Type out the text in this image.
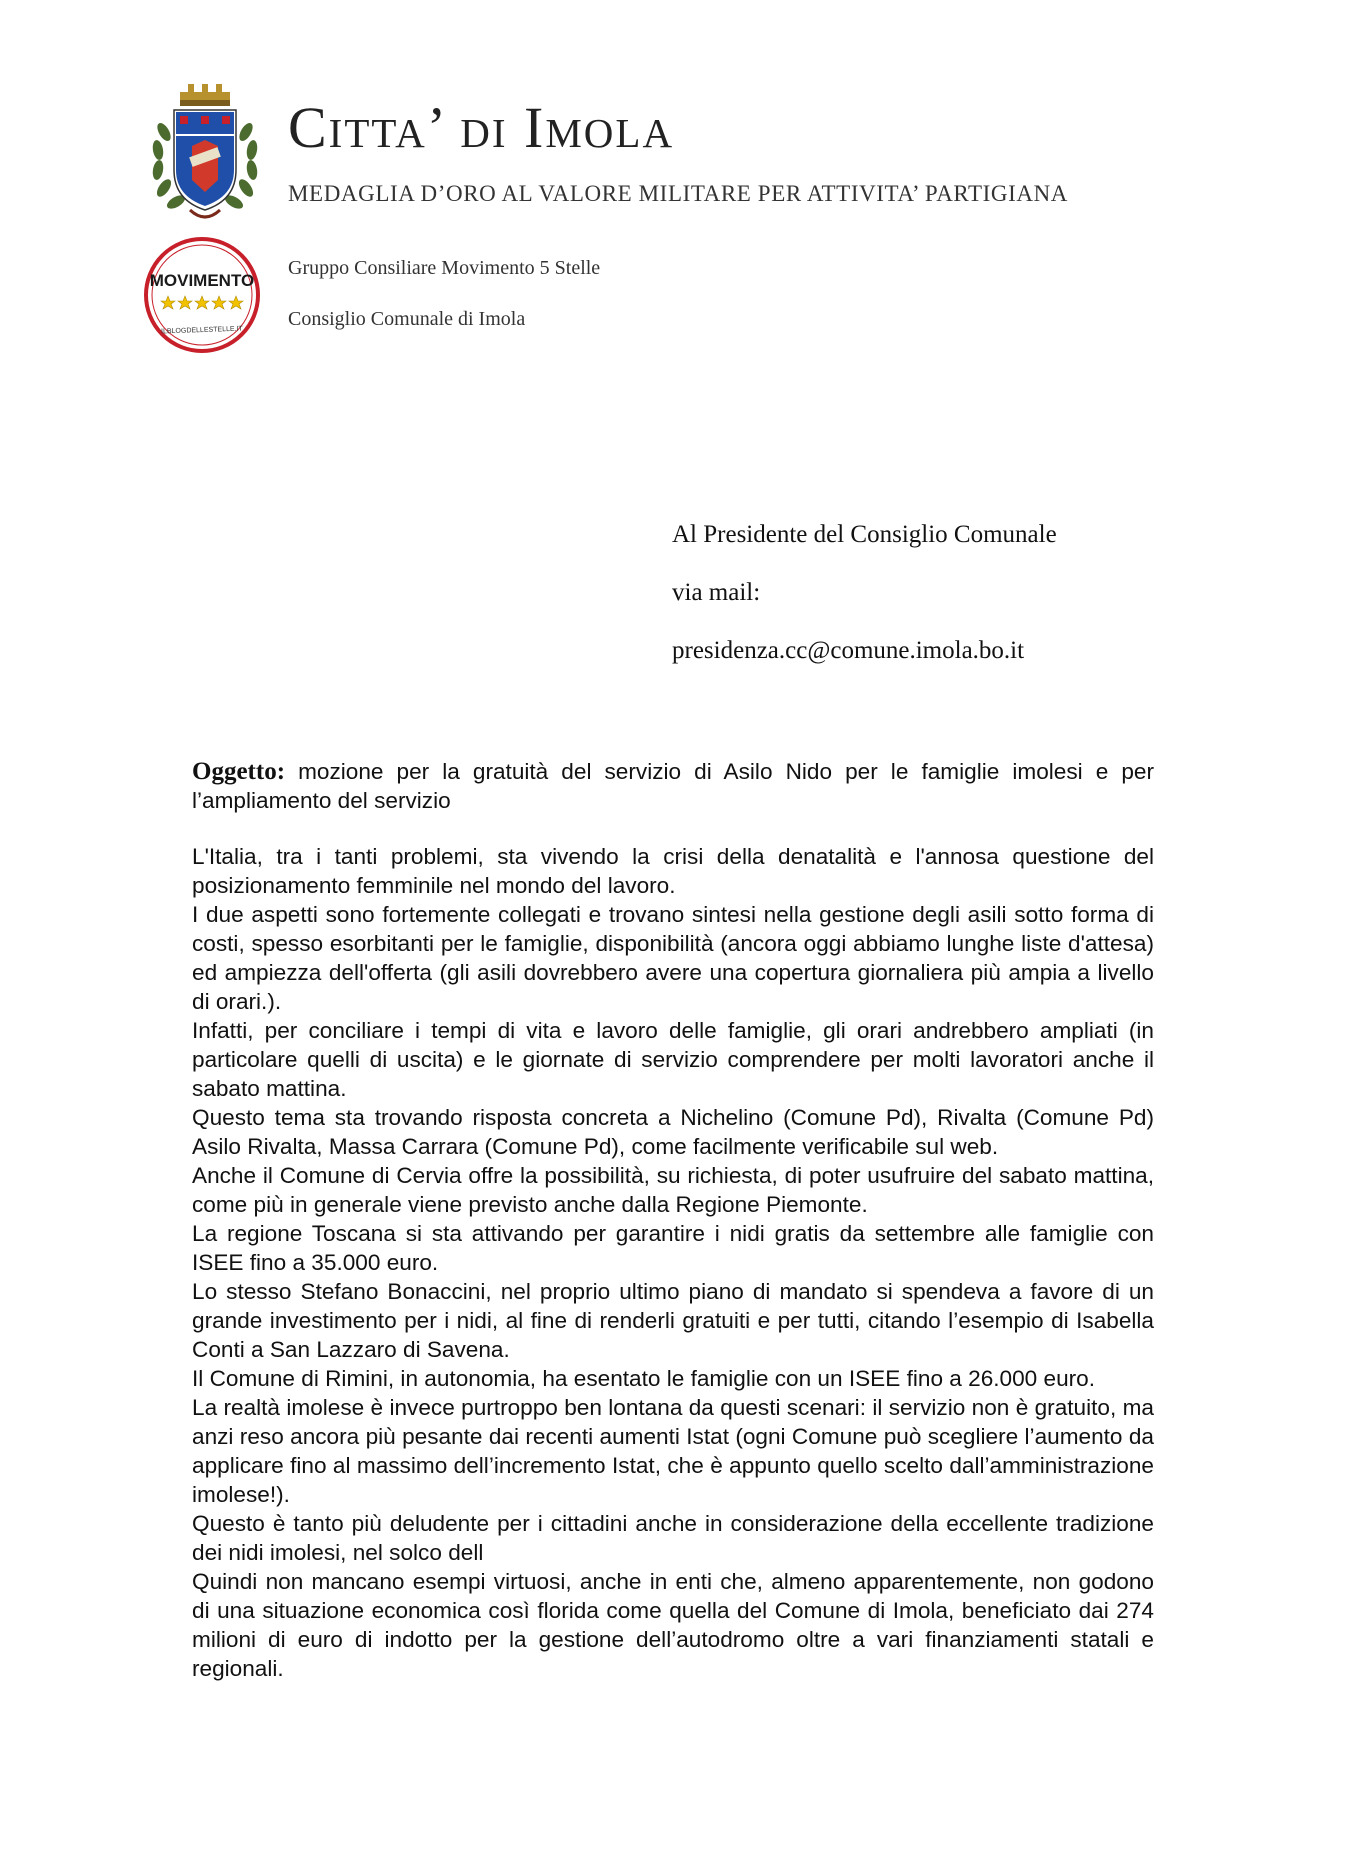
MOVIMENTO
ILBLOGDELLESTELLE.IT
Citta’ di Imola
MEDAGLIA D’ORO AL VALORE MILITARE PER ATTIVITA’ PARTIGIANA
Gruppo Consiliare Movimento 5 Stelle
Consiglio Comunale di Imola
Al Presidente del Consiglio Comunale
via mail:
presidenza.cc@comune.imola.bo.it
Oggetto: mozione per la gratuità del servizio di Asilo Nido per le famiglie imolesi e per l’ampliamento del servizio

L'Italia, tra i tanti problemi, sta vivendo la crisi della denatalità e l'annosa questione del posizionamento femminile nel mondo del lavoro.

I due aspetti sono fortemente collegati e trovano sintesi nella gestione degli asili sotto forma di costi, spesso esorbitanti per le famiglie, disponibilità (ancora oggi abbiamo lunghe liste d'attesa) ed ampiezza dell'offerta (gli asili dovrebbero avere una copertura giornaliera più ampia a livello di orari.).

Infatti, per conciliare i tempi di vita e lavoro delle famiglie, gli orari andrebbero ampliati (in particolare quelli di uscita) e le giornate di servizio comprendere per molti lavoratori anche il sabato mattina.

Questo tema sta trovando risposta concreta a Nichelino (Comune Pd), Rivalta (Comune Pd) Asilo Rivalta, Massa Carrara (Comune Pd), come facilmente verificabile sul web.

Anche il Comune di Cervia offre la possibilità, su richiesta, di poter usufruire del sabato mattina, come più in generale viene previsto anche dalla Regione Piemonte.

La regione Toscana si sta attivando per garantire i nidi gratis da settembre alle famiglie con ISEE fino a 35.000 euro.

Lo stesso Stefano Bonaccini, nel proprio ultimo piano di mandato si spendeva a favore di un grande investimento per i nidi, al fine di renderli gratuiti e per tutti, citando l’esempio di Isabella Conti a San Lazzaro di Savena.

Il Comune di Rimini, in autonomia, ha esentato le famiglie con un ISEE fino a 26.000 euro.

La realtà imolese è invece purtroppo ben lontana da questi scenari: il servizio non è gratuito, ma anzi reso ancora più pesante dai recenti aumenti Istat (ogni Comune può scegliere l’aumento da applicare fino al massimo dell’incremento Istat, che è appunto quello scelto dall’amministrazione imolese!).

Questo è tanto più deludente per i cittadini anche in considerazione della eccellente tradizione dei nidi imolesi, nel solco dell

Quindi non mancano esempi virtuosi, anche in enti che, almeno apparentemente, non godono di una situazione economica così florida come quella del Comune di Imola, beneficiato dai 274 milioni di euro di indotto per la gestione dell’autodromo oltre a vari finanziamenti statali e regionali.
